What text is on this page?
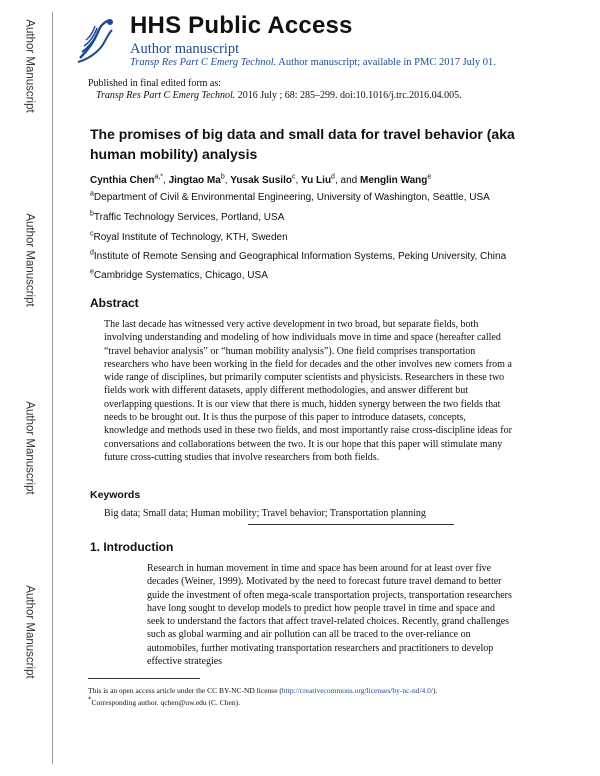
Author Manuscript
Author Manuscript
Author Manuscript
Author Manuscript
HHS Public Access
Author manuscript
Transp Res Part C Emerg Technol. Author manuscript; available in PMC 2017 July 01.
Published in final edited form as:
Transp Res Part C Emerg Technol. 2016 July ; 68: 285–299. doi:10.1016/j.trc.2016.04.005.
The promises of big data and small data for travel behavior (aka human mobility) analysis
Cynthia Chen$^{a,*}$, Jingtao Ma$^b$, Yusak Susilo$^c$, Yu Liu$^d$, and Menglin Wang$^e$
$^a$Department of Civil & Environmental Engineering, University of Washington, Seattle, USA
$^b$Traffic Technology Services, Portland, USA
$^c$Royal Institute of Technology, KTH, Sweden
$^d$Institute of Remote Sensing and Geographical Information Systems, Peking University, China
$^e$Cambridge Systematics, Chicago, USA
Abstract
The last decade has witnessed very active development in two broad, but separate fields, both involving understanding and modeling of how individuals move in time and space (hereafter called “travel behavior analysis” or “human mobility analysis”). One field comprises transportation researchers who have been working in the field for decades and the other involves new comers from a wide range of disciplines, but primarily computer scientists and physicists. Researchers in these two fields work with different datasets, apply different methodologies, and answer different but overlapping questions. It is our view that there is much, hidden synergy between the two fields that needs to be brought out. It is thus the purpose of this paper to introduce datasets, concepts, knowledge and methods used in these two fields, and most importantly raise cross-discipline ideas for conversations and collaborations between the two. It is our hope that this paper will stimulate many future cross-cutting studies that involve researchers from both fields.
Keywords
Big data; Small data; Human mobility; Travel behavior; Transportation planning
1. Introduction
Research in human movement in time and space has been around for at least over five decades (Weiner, 1999). Motivated by the need to forecast future travel demand to better guide the investment of often mega-scale transportation projects, transportation researchers have long sought to develop models to predict how people travel in time and space and seek to understand the factors that affect travel-related choices. Recently, grand challenges such as global warming and air pollution can all be traced to the over-reliance on automobiles, further motivating transportation researchers and practitioners to develop effective strategies
This is an open access article under the CC BY-NC-ND license (http://creativecommons.org/licenses/by-nc-nd/4.0/).
*Corresponding author. qchen@uw.edu (C. Chen).
